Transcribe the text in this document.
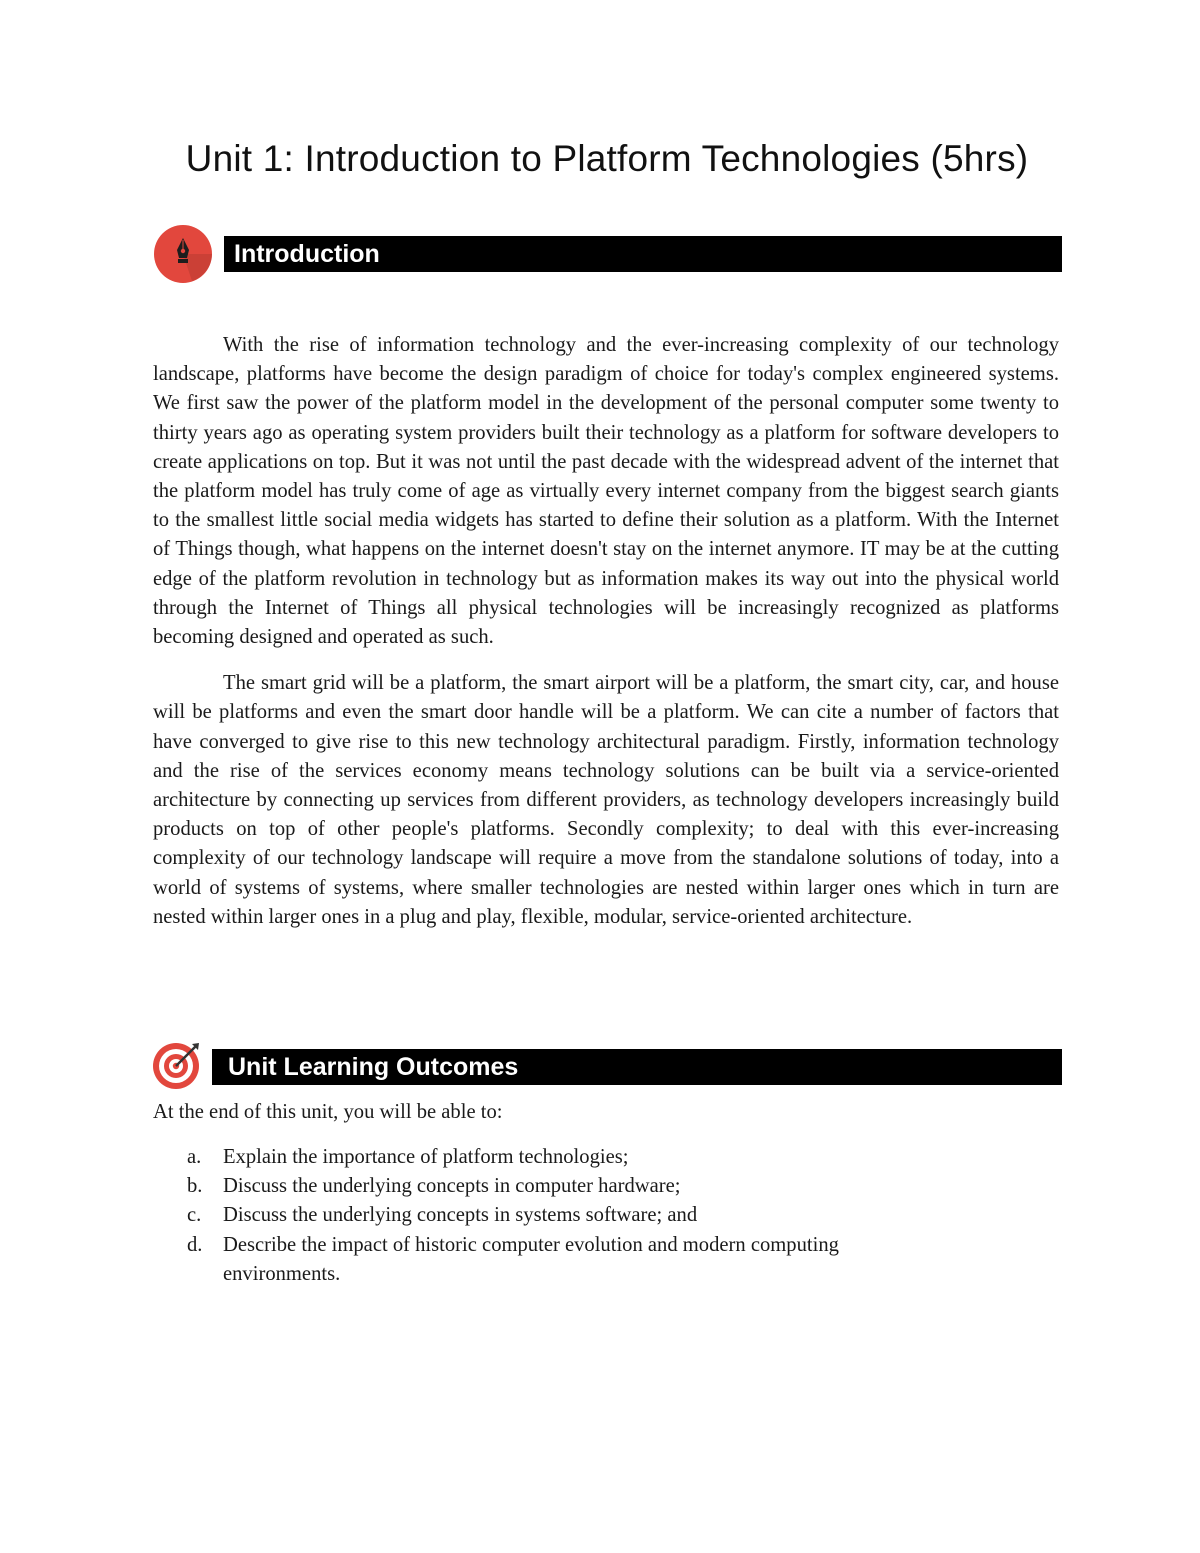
Unit 1: Introduction to Platform Technologies (5hrs)
Introduction

With the rise of information technology and the ever-increasing complexity of our technology landscape, platforms have become the design paradigm of choice for today's complex engineered systems. We first saw the power of the platform model in the development of the personal computer some twenty to thirty years ago as operating system providers built their technology as a platform for software developers to create applications on top. But it was not until the past decade with the widespread advent of the internet that the platform model has truly come of age as virtually every internet company from the biggest search giants to the smallest little social media widgets has started to define their solution as a platform. With the Internet of Things though, what happens on the internet doesn't stay on the internet anymore. IT may be at the cutting edge of the platform revolution in technology but as information makes its way out into the physical world through the Internet of Things all physical technologies will be increasingly recognized as platforms becoming designed and operated as such.

The smart grid will be a platform, the smart airport will be a platform, the smart city, car, and house will be platforms and even the smart door handle will be a platform. We can cite a number of factors that have converged to give rise to this new technology architectural paradigm. Firstly, information technology and the rise of the services economy means technology solutions can be built via a service-oriented architecture by connecting up services from different providers, as technology developers increasingly build products on top of other people's platforms. Secondly complexity; to deal with this ever-increasing complexity of our technology landscape will require a move from the standalone solutions of today, into a world of systems of systems, where smaller technologies are nested within larger ones which in turn are nested within larger ones in a plug and play, flexible, modular, service-oriented architecture.

Unit Learning Outcomes

At the end of this unit, you will be able to:

a. Explain the importance of platform technologies;
b. Discuss the underlying concepts in computer hardware;
c. Discuss the underlying concepts in systems software; and
d. Describe the impact of historic computer evolution and modern computing environments.
